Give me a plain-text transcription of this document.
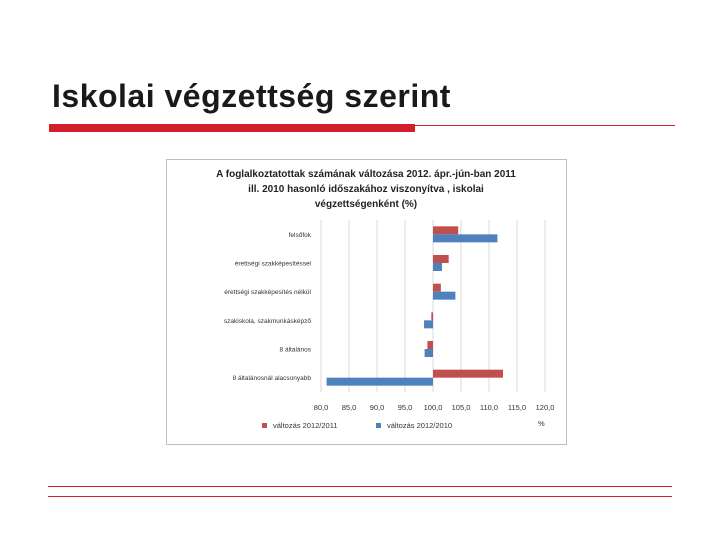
Iskolai végzettség szerint
A foglalkoztatottak számának változása 2012. ápr.-jún-ban 2011
ill. 2010 hasonló időszakához viszonyítva , iskolai
végzettségenként (%)
80,0 85,0 90,0 95,0 100,0 105,0 110,0 115,0 120,0
felsőfok
érettségi szakképesítéssel
érettségi szakképesítés nélkül
szakiskola, szakmunkásképző
8 általános
8 általánosnál alacsonyabb
változás 2012/2011	változás 2012/2010	%
